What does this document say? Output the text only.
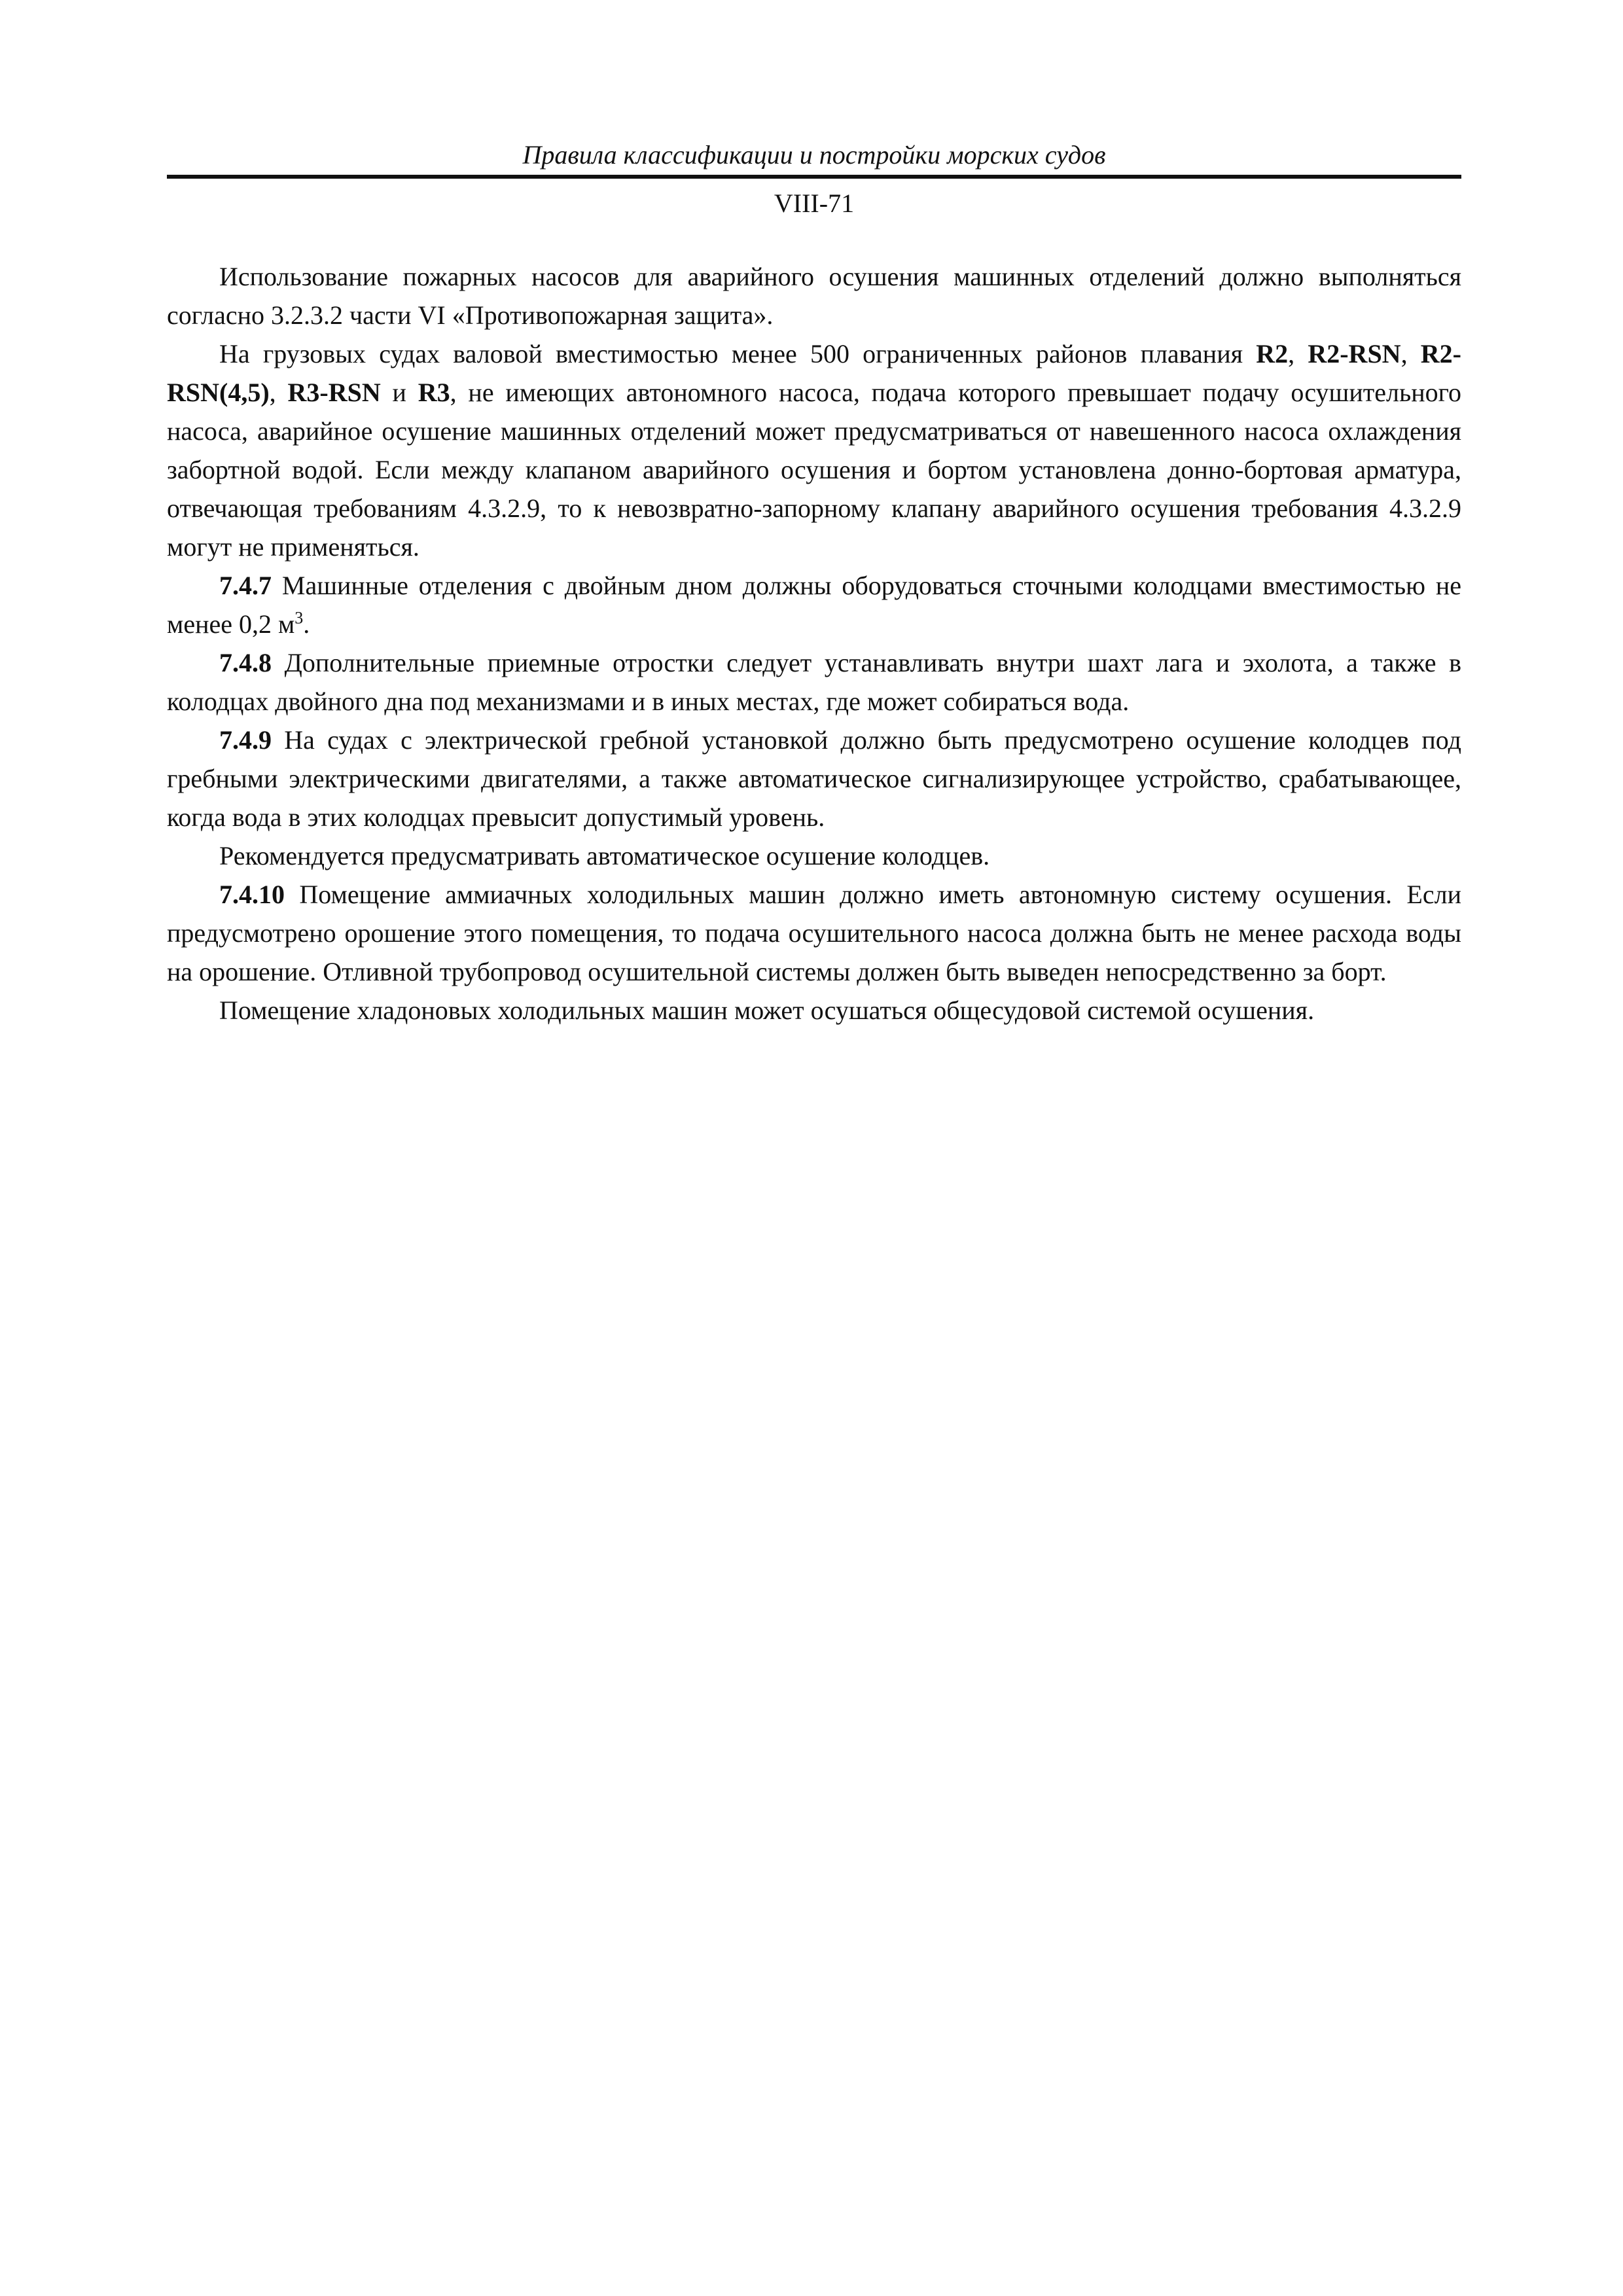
Правила классификации и постройки морских судов
VIII-71

Использование пожарных насосов для аварийного осушения машинных отделений должно выполняться согласно 3.2.3.2 части VI «Противопожарная защита».

На грузовых судах валовой вместимостью менее 500 ограниченных районов плавания R2, R2-RSN, R2-RSN(4,5), R3-RSN и R3, не имеющих автономного насоса, подача которого превышает подачу осушительного насоса, аварийное осушение машинных отделений может предусматриваться от навешенного насоса охлаждения забортной водой. Если между клапаном аварийного осушения и бортом установлена донно-бортовая арматура, отвечающая требованиям 4.3.2.9, то к невозвратно-запорному клапану аварийного осушения требования 4.3.2.9 могут не применяться.

7.4.7 Машинные отделения с двойным дном должны оборудоваться сточными колодцами вместимостью не менее 0,2 $м^3$.

7.4.8 Дополнительные приемные отростки следует устанавливать внутри шахт лага и эхолота, а также в колодцах двойного дна под механизмами и в иных местах, где может собираться вода.

7.4.9 На судах с электрической гребной установкой должно быть предусмотрено осушение колодцев под гребными электрическими двигателями, а также автоматическое сигнализирующее устройство, срабатывающее, когда вода в этих колодцах превысит допустимый уровень.

Рекомендуется предусматривать автоматическое осушение колодцев.

7.4.10 Помещение аммиачных холодильных машин должно иметь автономную систему осушения. Если предусмотрено орошение этого помещения, то подача осушительного насоса должна быть не менее расхода воды на орошение. Отливной трубопровод осушительной системы должен быть выведен непосредственно за борт.

Помещение хладоновых холодильных машин может осушаться общесудовой системой осушения.
